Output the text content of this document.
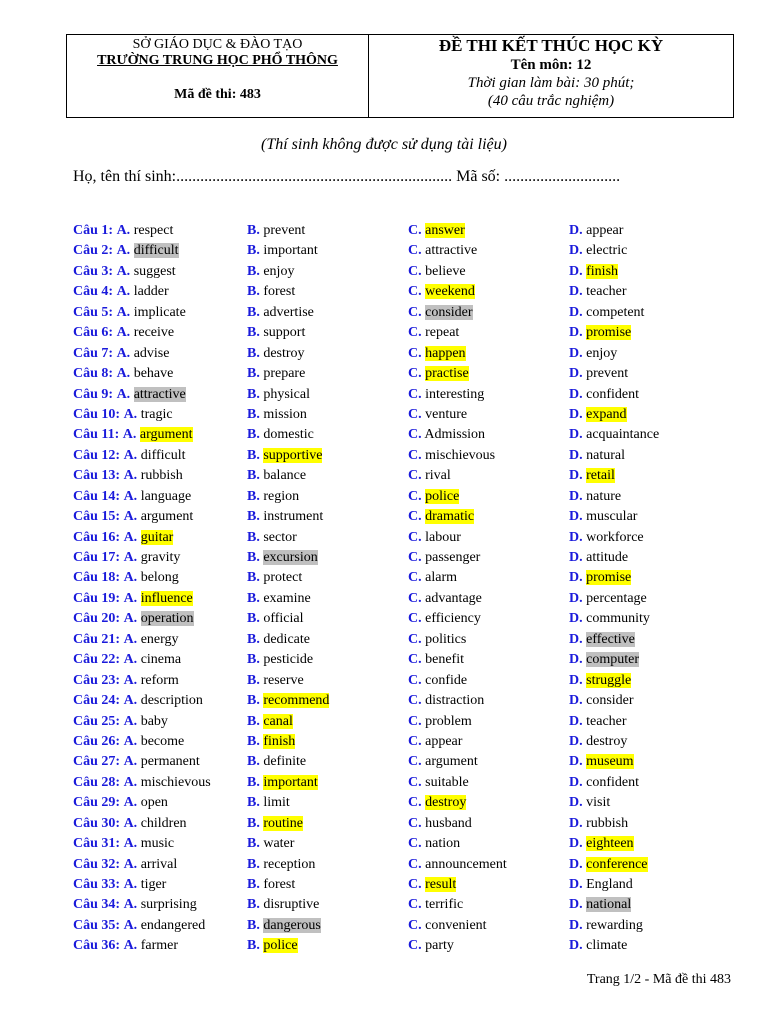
SỞ GIÁO DỤC & ĐÀO TẠO
TRƯỜNG TRUNG HỌC PHỔ THÔNG
Mã đề thi: 483
ĐỀ THI KẾT THÚC HỌC KỲ
Tên môn: 12
Thời gian làm bài: 30 phút;
(40 câu trắc nghiệm)
(Thí sinh không được sử dụng tài liệu)
Họ, tên thí sinh:..................................................................... Mã số: .............................
Câu 1: A. respect	B. prevent	C. answer	D. appear
Câu 2: A. difficult	B. important	C. attractive	D. electric
Câu 3: A. suggest	B. enjoy	C. believe	D. finish
Câu 4: A. ladder	B. forest	C. weekend	D. teacher
Câu 5: A. implicate	B. advertise	C. consider	D. competent
Câu 6: A. receive	B. support	C. repeat	D. promise
Câu 7: A. advise	B. destroy	C. happen	D. enjoy
Câu 8: A. behave	B. prepare	C. practise	D. prevent
Câu 9: A. attractive	B. physical	C. interesting	D. confident
Câu 10: A. tragic	B. mission	C. venture	D. expand
Câu 11: A. argument	B. domestic	C. Admission	D. acquaintance
Câu 12: A. difficult	B. supportive	C. mischievous	D. natural
Câu 13: A. rubbish	B. balance	C. rival	D. retail
Câu 14: A. language	B. region	C. police	D. nature
Câu 15: A. argument	B. instrument	C. dramatic	D. muscular
Câu 16: A. guitar	B. sector	C. labour	D. workforce
Câu 17: A. gravity	B. excursion	C. passenger	D. attitude
Câu 18: A. belong	B. protect	C. alarm	D. promise
Câu 19: A. influence	B. examine	C. advantage	D. percentage
Câu 20: A. operation	B. official	C. efficiency	D. community
Câu 21: A. energy	B. dedicate	C. politics	D. effective
Câu 22: A. cinema	B. pesticide	C. benefit	D. computer
Câu 23: A. reform	B. reserve	C. confide	D. struggle
Câu 24: A. description	B. recommend	C. distraction	D. consider
Câu 25: A. baby	B. canal	C. problem	D. teacher
Câu 26: A. become	B. finish	C. appear	D. destroy
Câu 27: A. permanent	B. definite	C. argument	D. museum
Câu 28: A. mischievous	B. important	C. suitable	D. confident
Câu 29: A. open	B. limit	C. destroy	D. visit
Câu 30: A. children	B. routine	C. husband	D. rubbish
Câu 31: A. music	B. water	C. nation	D. eighteen
Câu 32: A. arrival	B. reception	C. announcement	D. conference
Câu 33: A. tiger	B. forest	C. result	D. England
Câu 34: A. surprising	B. disruptive	C. terrific	D. national
Câu 35: A. endangered	B. dangerous	C. convenient	D. rewarding
Câu 36: A. farmer	B. police	C. party	D. climate
Trang 1/2 - Mã đề thi 483
